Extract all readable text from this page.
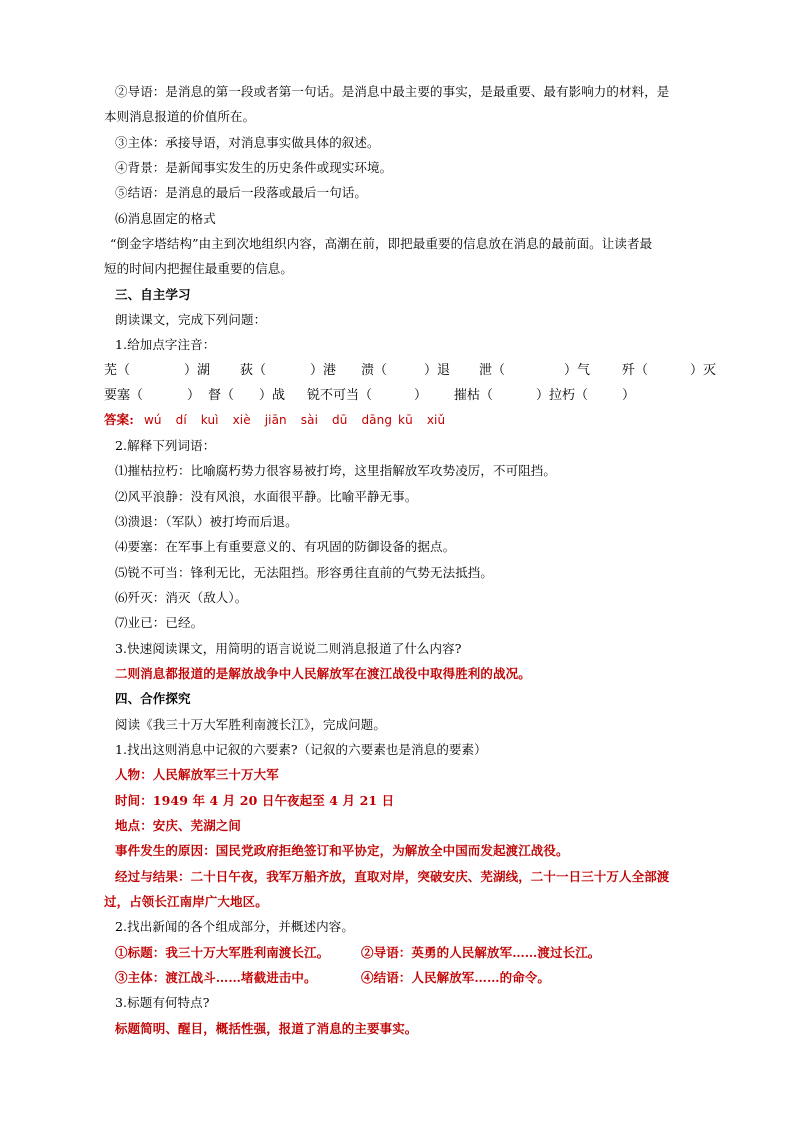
②导语：是消息的第一段或者第一句话。是消息中最主要的事实，是最重要、最有影响力的材料，是
本则消息报道的价值所在。
③主体：承接导语，对消息事实做具体的叙述。
④背景：是新闻事实发生的历史条件或现实环境。
⑤结语：是消息的最后一段落或最后一句话。
⑹消息固定的格式
“倒金字塔结构”由主到次地组织内容，高潮在前，即把最重要的信息放在消息的最前面。让读者最
短的时间内把握住最重要的信息。
三、自主学习
朗读课文，完成下列问题：
1.给加点字注音：
芜（	）湖 荻（	）港 溃（	）退 泄（	）气 歼（	）灭
要塞（	） 督（ ）战 锐不可当（	） 摧枯（	）拉朽（	）
答案: wú dí kuì xiè jiān sài dū dāng kū xiǔ
2.解释下列词语：
⑴摧枯拉朽：比喻腐朽势力很容易被打垮，这里指解放军攻势凌厉，不可阻挡。
⑵风平浪静：没有风浪，水面很平静。比喻平静无事。
⑶溃退：（军队）被打垮而后退。
⑷要塞：在军事上有重要意义的、有巩固的防御设备的据点。
⑸锐不可当：锋利无比，无法阻挡。形容勇往直前的气势无法抵挡。
⑹歼灭：消灭（敌人）。
⑺业已：已经。
3.快速阅读课文，用简明的语言说说二则消息报道了什么内容?
二则消息都报道的是解放战争中人民解放军在渡江战役中取得胜利的战况。
四、合作探究
阅读《我三十万大军胜利南渡长江》，完成问题。
1.找出这则消息中记叙的六要素?（记叙的六要素也是消息的要素）
人物：人民解放军三十万大军
时间：1949 年 4 月 20 日午夜起至 4 月 21 日
地点：安庆、芜湖之间
事件发生的原因：国民党政府拒绝签订和平协定，为解放全中国而发起渡江战役。
经过与结果：二十日午夜，我军万船齐放，直取对岸，突破安庆、芜湖线，二十一日三十万人全部渡
过，占领长江南岸广大地区。
2.找出新闻的各个组成部分，并概述内容。
①标题：我三十万大军胜利南渡长江。	②导语：英勇的人民解放军……渡过长江。
③主体：渡江战斗……堵截进击中。	④结语：人民解放军……的命令。
3.标题有何特点?
标题简明、醒目，概括性强，报道了消息的主要事实。
